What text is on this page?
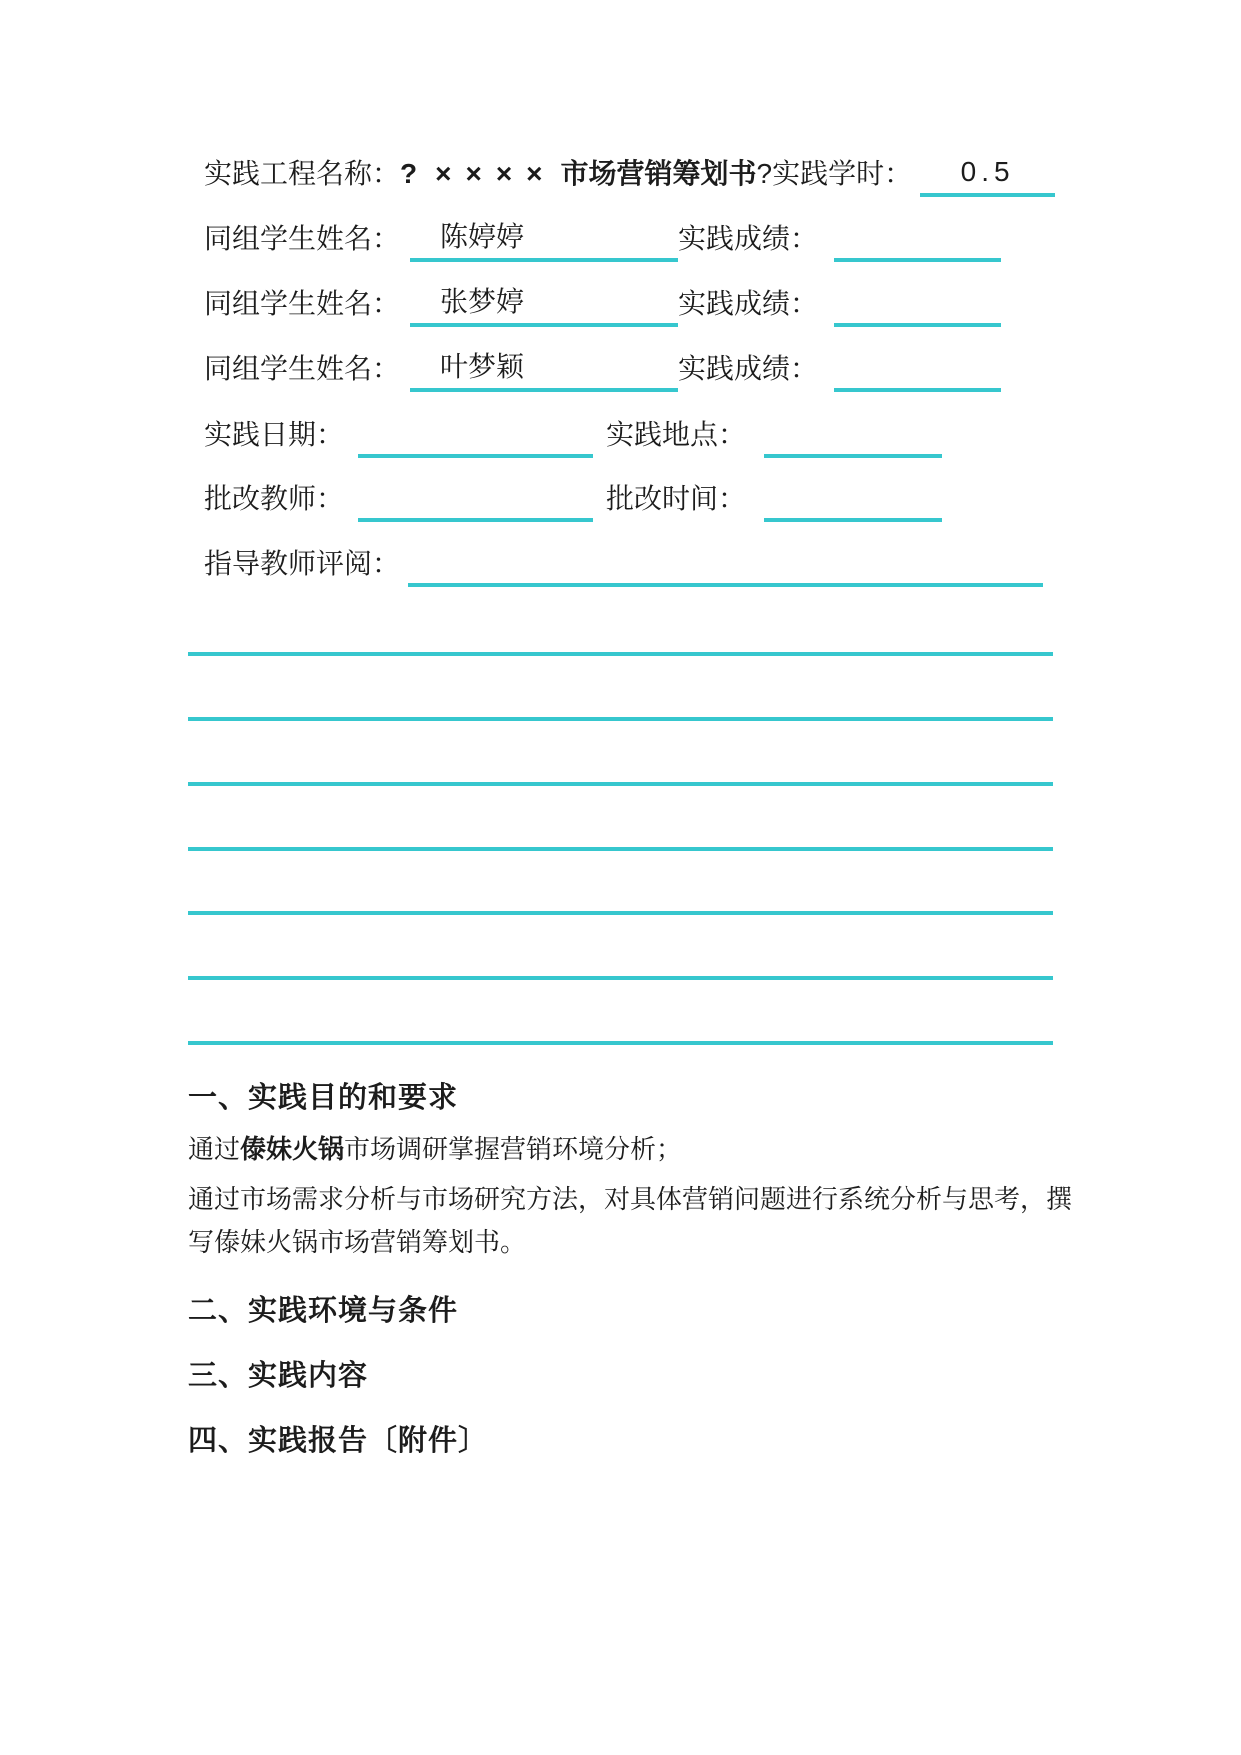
实践工程名称：? ×××× 市场营销筹划书?实践学时： 0.5
同组学生姓名： 陈婷婷	实践成绩：
同组学生姓名： 张梦婷	实践成绩：
同组学生姓名： 叶梦颖	实践成绩：
实践日期：	实践地点：
批改教师：	批改时间：
指导教师评阅：
一、实践目的和要求
通过傣妹火锅市场调研掌握营销环境分析；
通过市场需求分析与市场研究方法，对具体营销问题进行系统分析与思考，撰
写傣妹火锅市场营销筹划书。
二、实践环境与条件
三、实践内容
四、实践报告〔附件〕
